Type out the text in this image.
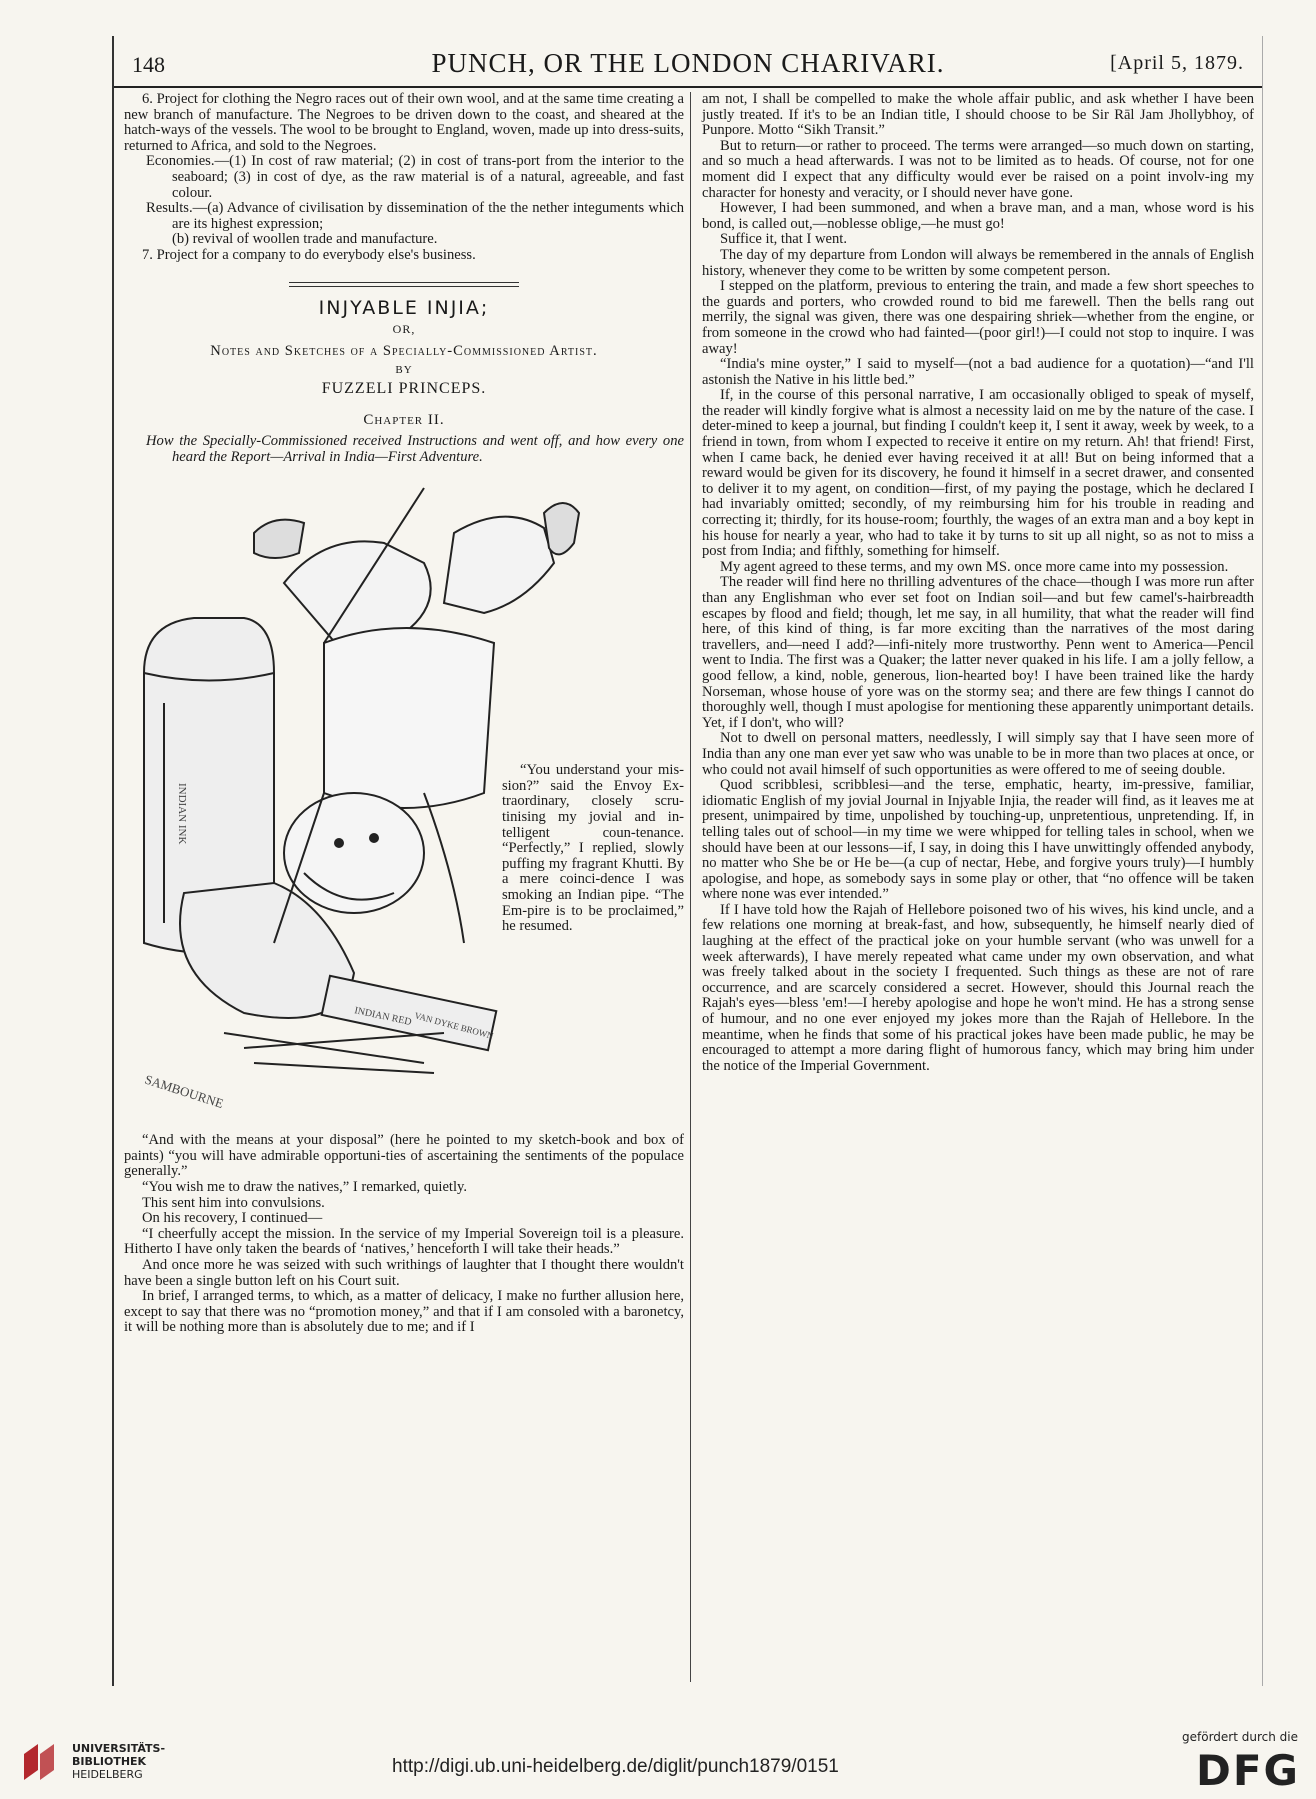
148	PUNCH, OR THE LONDON CHARIVARI.	[April 5, 1879.

6. Project for clothing the Negro races out of their own wool, and at the same time creating a new branch of manufacture. The Negroes to be driven down to the coast, and sheared at the hatch-ways of the vessels. The wool to be brought to England, woven, made up into dress-suits, returned to Africa, and sold to the Negroes.

Economies.—(1) In cost of raw material; (2) in cost of trans-port from the interior to the seaboard; (3) in cost of dye, as the raw material is of a natural, agreeable, and fast colour.

Results.—(a) Advance of civilisation by dissemination of the the nether integuments which are its highest expression;

(b) revival of woollen trade and manufacture.

7. Project for a company to do everybody else's business.

INJYABLE INJIA;
OR,
Notes and Sketches of a Specially-Commissioned Artist.
BY
FUZZELI PRINCEPS.
Chapter II.

How the Specially-Commissioned received Instructions and went off, and how every one heard the Report—Arrival in India—First Adventure.

INDIAN INK
INDIAN RED VAN DYKE BROWN
SAMBOURNE

“You understand your mis-sion?” said the Envoy Ex-traordinary, closely scru-tinising my jovial and in-telligent coun-tenance. “Perfectly,” I replied, slowly puffing my fragrant Khutti. By a mere coinci-dence I was smoking an Indian pipe. “The Em-pire is to be proclaimed,” he resumed.

“And with the means at your disposal” (here he pointed to my sketch-book and box of paints) “you will have admirable opportuni-ties of ascertaining the sentiments of the populace generally.”

“You wish me to draw the natives,” I remarked, quietly.

This sent him into convulsions.

On his recovery, I continued—

“I cheerfully accept the mission. In the service of my Imperial Sovereign toil is a pleasure. Hitherto I have only taken the beards of ‘natives,’ henceforth I will take their heads.”

And once more he was seized with such writhings of laughter that I thought there wouldn't have been a single button left on his Court suit.

In brief, I arranged terms, to which, as a matter of delicacy, I make no further allusion here, except to say that there was no “promotion money,” and that if I am consoled with a baronetcy, it will be nothing more than is absolutely due to me; and if I

am not, I shall be compelled to make the whole affair public, and ask whether I have been justly treated. If it's to be an Indian title, I should choose to be Sir Rāl Jam Jhollybhoy, of Punpore. Motto “Sikh Transit.”

But to return—or rather to proceed. The terms were arranged—so much down on starting, and so much a head afterwards. I was not to be limited as to heads. Of course, not for one moment did I expect that any difficulty would ever be raised on a point involv-ing my character for honesty and veracity, or I should never have gone.

However, I had been summoned, and when a brave man, and a man, whose word is his bond, is called out,—noblesse oblige,—he must go!

Suffice it, that I went.

The day of my departure from London will always be remembered in the annals of English history, whenever they come to be written by some competent person.

I stepped on the platform, previous to entering the train, and made a few short speeches to the guards and porters, who crowded round to bid me farewell. Then the bells rang out merrily, the signal was given, there was one despairing shriek—whether from the engine, or from someone in the crowd who had fainted—(poor girl!)—I could not stop to inquire. I was away!

“India's mine oyster,” I said to myself—(not a bad audience for a quotation)—“and I'll astonish the Native in his little bed.”

If, in the course of this personal narrative, I am occasionally obliged to speak of myself, the reader will kindly forgive what is almost a necessity laid on me by the nature of the case. I deter-mined to keep a journal, but finding I couldn't keep it, I sent it away, week by week, to a friend in town, from whom I expected to receive it entire on my return. Ah! that friend! First, when I came back, he denied ever having received it at all! But on being informed that a reward would be given for its discovery, he found it himself in a secret drawer, and consented to deliver it to my agent, on condition—first, of my paying the postage, which he declared I had invariably omitted; secondly, of my reimbursing him for his trouble in reading and correcting it; thirdly, for its house-room; fourthly, the wages of an extra man and a boy kept in his house for nearly a year, who had to take it by turns to sit up all night, so as not to miss a post from India; and fifthly, something for himself.

My agent agreed to these terms, and my own MS. once more came into my possession.

The reader will find here no thrilling adventures of the chace—though I was more run after than any Englishman who ever set foot on Indian soil—and but few camel's-hairbreadth escapes by flood and field; though, let me say, in all humility, that what the reader will find here, of this kind of thing, is far more exciting than the narratives of the most daring travellers, and—need I add?—infi-nitely more trustworthy. Penn went to America—Pencil went to India. The first was a Quaker; the latter never quaked in his life. I am a jolly fellow, a good fellow, a kind, noble, generous, lion-hearted boy! I have been trained like the hardy Norseman, whose house of yore was on the stormy sea; and there are few things I cannot do thoroughly well, though I must apologise for mentioning these apparently unimportant details. Yet, if I don't, who will?

Not to dwell on personal matters, needlessly, I will simply say that I have seen more of India than any one man ever yet saw who was unable to be in more than two places at once, or who could not avail himself of such opportunities as were offered to me of seeing double.

Quod scribblesi, scribblesi—and the terse, emphatic, hearty, im-pressive, familiar, idiomatic English of my jovial Journal in Injyable Injia, the reader will find, as it leaves me at present, unimpaired by time, unpolished by touching-up, unpretentious, unpretending. If, in telling tales out of school—in my time we were whipped for telling tales in school, when we should have been at our lessons—if, I say, in doing this I have unwittingly offended anybody, no matter who She be or He be—(a cup of nectar, Hebe, and forgive yours truly)—I humbly apologise, and hope, as somebody says in some play or other, that “no offence will be taken where none was ever intended.”

If I have told how the Rajah of Hellebore poisoned two of his wives, his kind uncle, and a few relations one morning at break-fast, and how, subsequently, he himself nearly died of laughing at the effect of the practical joke on your humble servant (who was unwell for a week afterwards), I have merely repeated what came under my own observation, and what was freely talked about in the society I frequented. Such things as these are not of rare occurrence, and are scarcely considered a secret. However, should this Journal reach the Rajah's eyes—bless 'em!—I hereby apologise and hope he won't mind. He has a strong sense of humour, and no one ever enjoyed my jokes more than the Rajah of Hellebore. In the meantime, when he finds that some of his practical jokes have been made public, he may be encouraged to attempt a more daring flight of humorous fancy, which may bring him under the notice of the Imperial Government.

UNIVERSITÄTS-
BIBLIOTHEK
HEIDELBERG	http://digi.ub.uni-heidelberg.de/diglit/punch1879/0151
gefördert durch die
DFG
